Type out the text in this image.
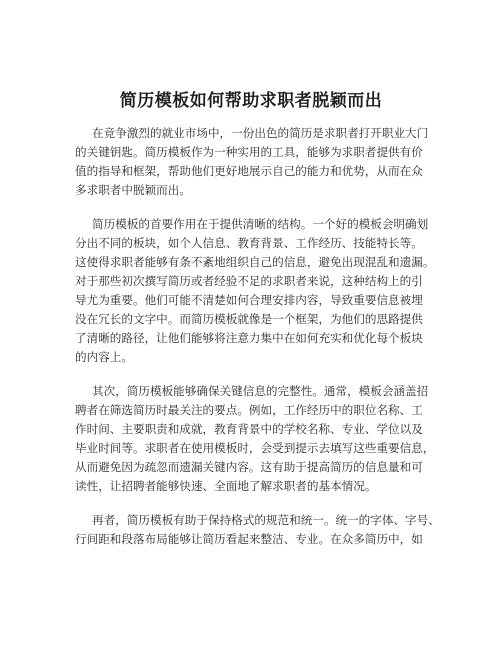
简历模板如何帮助求职者脱颖而出

在竞争激烈的就业市场中，一份出色的简历是求职者打开职业大门

的关键钥匙。简历模板作为一种实用的工具，能够为求职者提供有价

值的指导和框架，帮助他们更好地展示自己的能力和优势，从而在众

多求职者中脱颖而出。

简历模板的首要作用在于提供清晰的结构。一个好的模板会明确划

分出不同的板块，如个人信息、教育背景、工作经历、技能特长等。

这使得求职者能够有条不紊地组织自己的信息，避免出现混乱和遗漏。

对于那些初次撰写简历或者经验不足的求职者来说，这种结构上的引

导尤为重要。他们可能不清楚如何合理安排内容，导致重要信息被埋

没在冗长的文字中。而简历模板就像是一个框架，为他们的思路提供

了清晰的路径，让他们能够将注意力集中在如何充实和优化每个板块

的内容上。

其次，简历模板能够确保关键信息的完整性。通常，模板会涵盖招

聘者在筛选简历时最关注的要点。例如，工作经历中的职位名称、工

作时间、主要职责和成就，教育背景中的学校名称、专业、学位以及

毕业时间等。求职者在使用模板时，会受到提示去填写这些重要信息，

从而避免因为疏忽而遗漏关键内容。这有助于提高简历的信息量和可

读性，让招聘者能够快速、全面地了解求职者的基本情况。

再者，简历模板有助于保持格式的规范和统一。统一的字体、字号、

行间距和段落布局能够让简历看起来整洁、专业。在众多简历中，如
